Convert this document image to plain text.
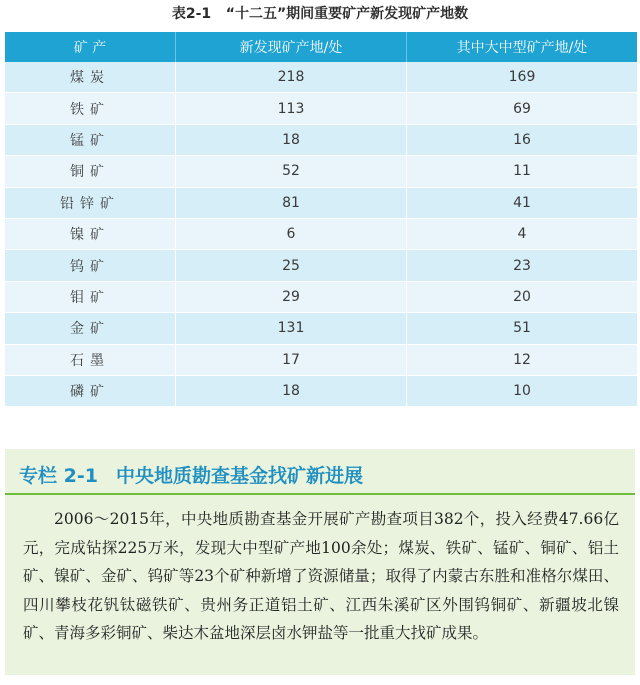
表2-1   “十二五”期间重要矿产新发现矿产地数
矿 产	新发现矿产地/处	其中大中型矿产地/处
煤炭	218	169
铁矿	113	69
锰矿	18	16
铜矿	52	11
铅锌矿	81	41
镍矿	6	4
钨矿	25	23
钼矿	29	20
金矿	131	51
石墨	17	12
磷矿	18	10
专栏 2-1 中央地质勘查基金找矿新进展
2006～2015年，中央地质勘查基金开展矿产勘查项目382个，投入经费47.66亿元，完成钻探225万米，发现大中型矿产地100余处；煤炭、铁矿、锰矿、铜矿、铝土矿、镍矿、金矿、钨矿等23个矿种新增了资源储量；取得了内蒙古东胜和准格尔煤田、四川攀枝花钒钛磁铁矿、贵州务正道铝土矿、江西朱溪矿区外围钨铜矿、新疆坡北镍矿、青海多彩铜矿、柴达木盆地深层卤水钾盐等一批重大找矿成果。
